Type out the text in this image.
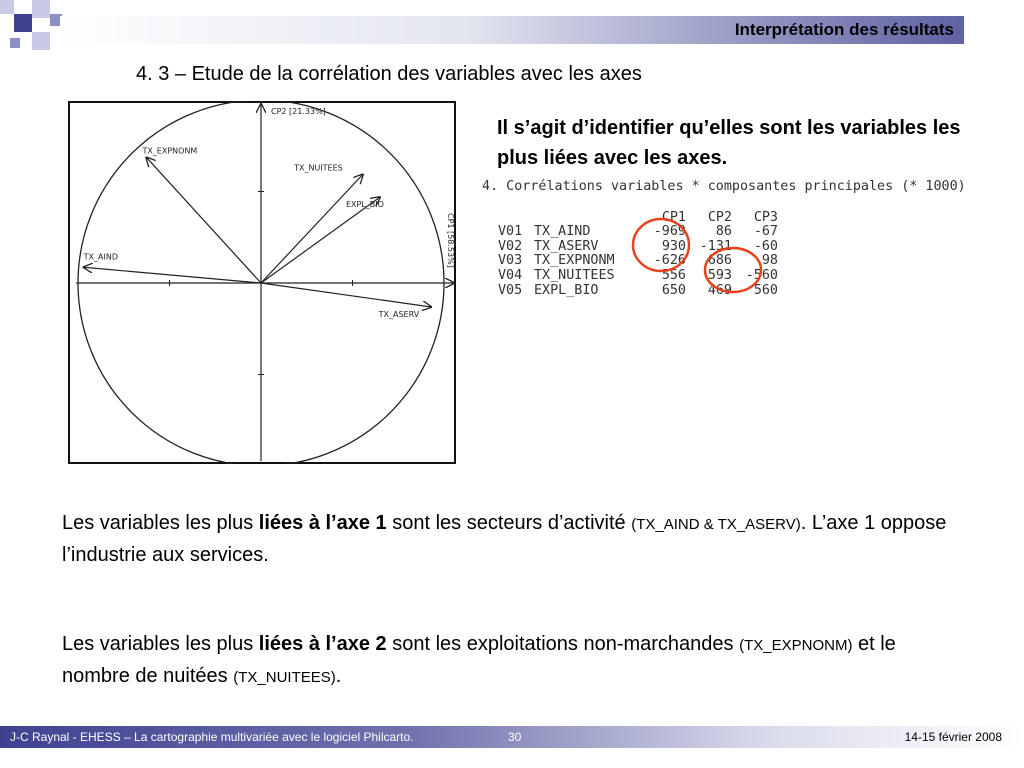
Interprétation des résultats
4. 3 – Etude de la corrélation des variables avec les axes
CP2 [21.33%]
CP1 [58.53%]
TX_AIND
TX_ASERV
TX_EXPNONM
TX_NUITEES
EXPL_BIO
Il s’agit d’identifier qu’elles sont les variables les plus liées avec les axes.
4. Corrélations variables * composantes principales (* 1000)
CP1	CP2	CP3
V01 TX_AIND	-969	86	-67
V02 TX_ASERV	930	-131	-60
V03 TX_EXPNONM	-626	686	98
V04 TX_NUITEES	556	593	-560
V05 EXPL_BIO	650	469	560
Les variables les plus liées à l’axe 1 sont les secteurs d’activité (TX_AIND & TX_ASERV). L’axe 1 oppose l’industrie aux services.
Les variables les plus liées à l’axe 2 sont les exploitations non-marchandes (TX_EXPNONM) et le nombre de nuitées (TX_NUITEES).
J-C Raynal - EHESS – La cartographie multivariée avec le logiciel Philcarto.	30	14-15 février 2008
